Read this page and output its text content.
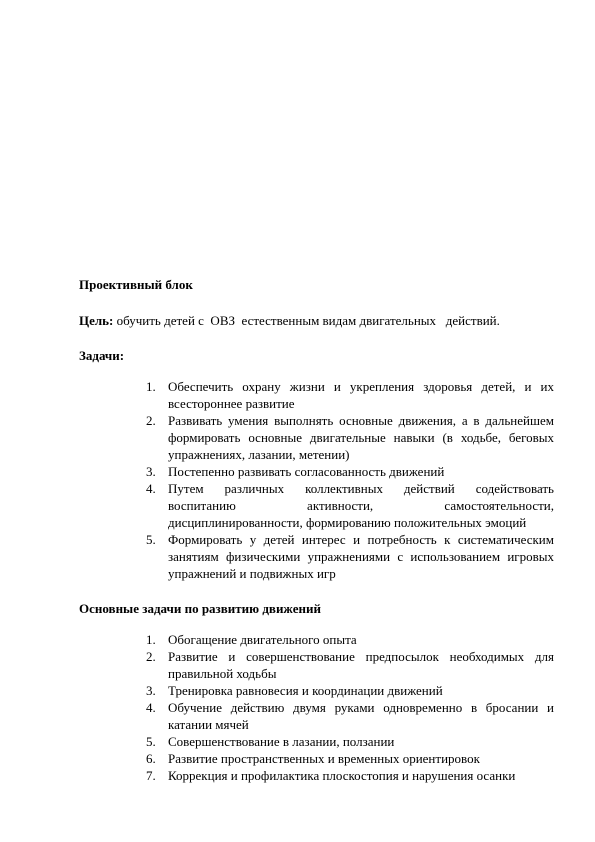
Проективный блок
Цель: обучить детей с  ОВЗ  естественным видам двигательных   действий.
Задачи:
1. Обеспечить охрану жизни и укрепления здоровья детей, и их всестороннее развитие
2. Развивать умения выполнять основные движения, а в дальнейшем формировать основные двигательные навыки (в ходьбе, беговых упражнениях, лазании, метении)
3. Постепенно развивать согласованность движений
4. Путем различных коллективных действий содействовать воспитанию активности, самостоятельности, дисциплинированности, формированию положительных эмоций
5. Формировать у детей интерес и потребность к систематическим занятиям физическими упражнениями с использованием игровых упражнений и подвижных игр
Основные задачи по развитию движений
1. Обогащение двигательного опыта
2. Развитие и совершенствование предпосылок необходимых для правильной ходьбы
3. Тренировка равновесия и координации движений
4. Обучение действию двумя руками одновременно в бросании и катании мячей
5. Совершенствование в лазании, ползании
6. Развитие пространственных и временных ориентировок
7. Коррекция и профилактика плоскостопия и нарушения осанки
